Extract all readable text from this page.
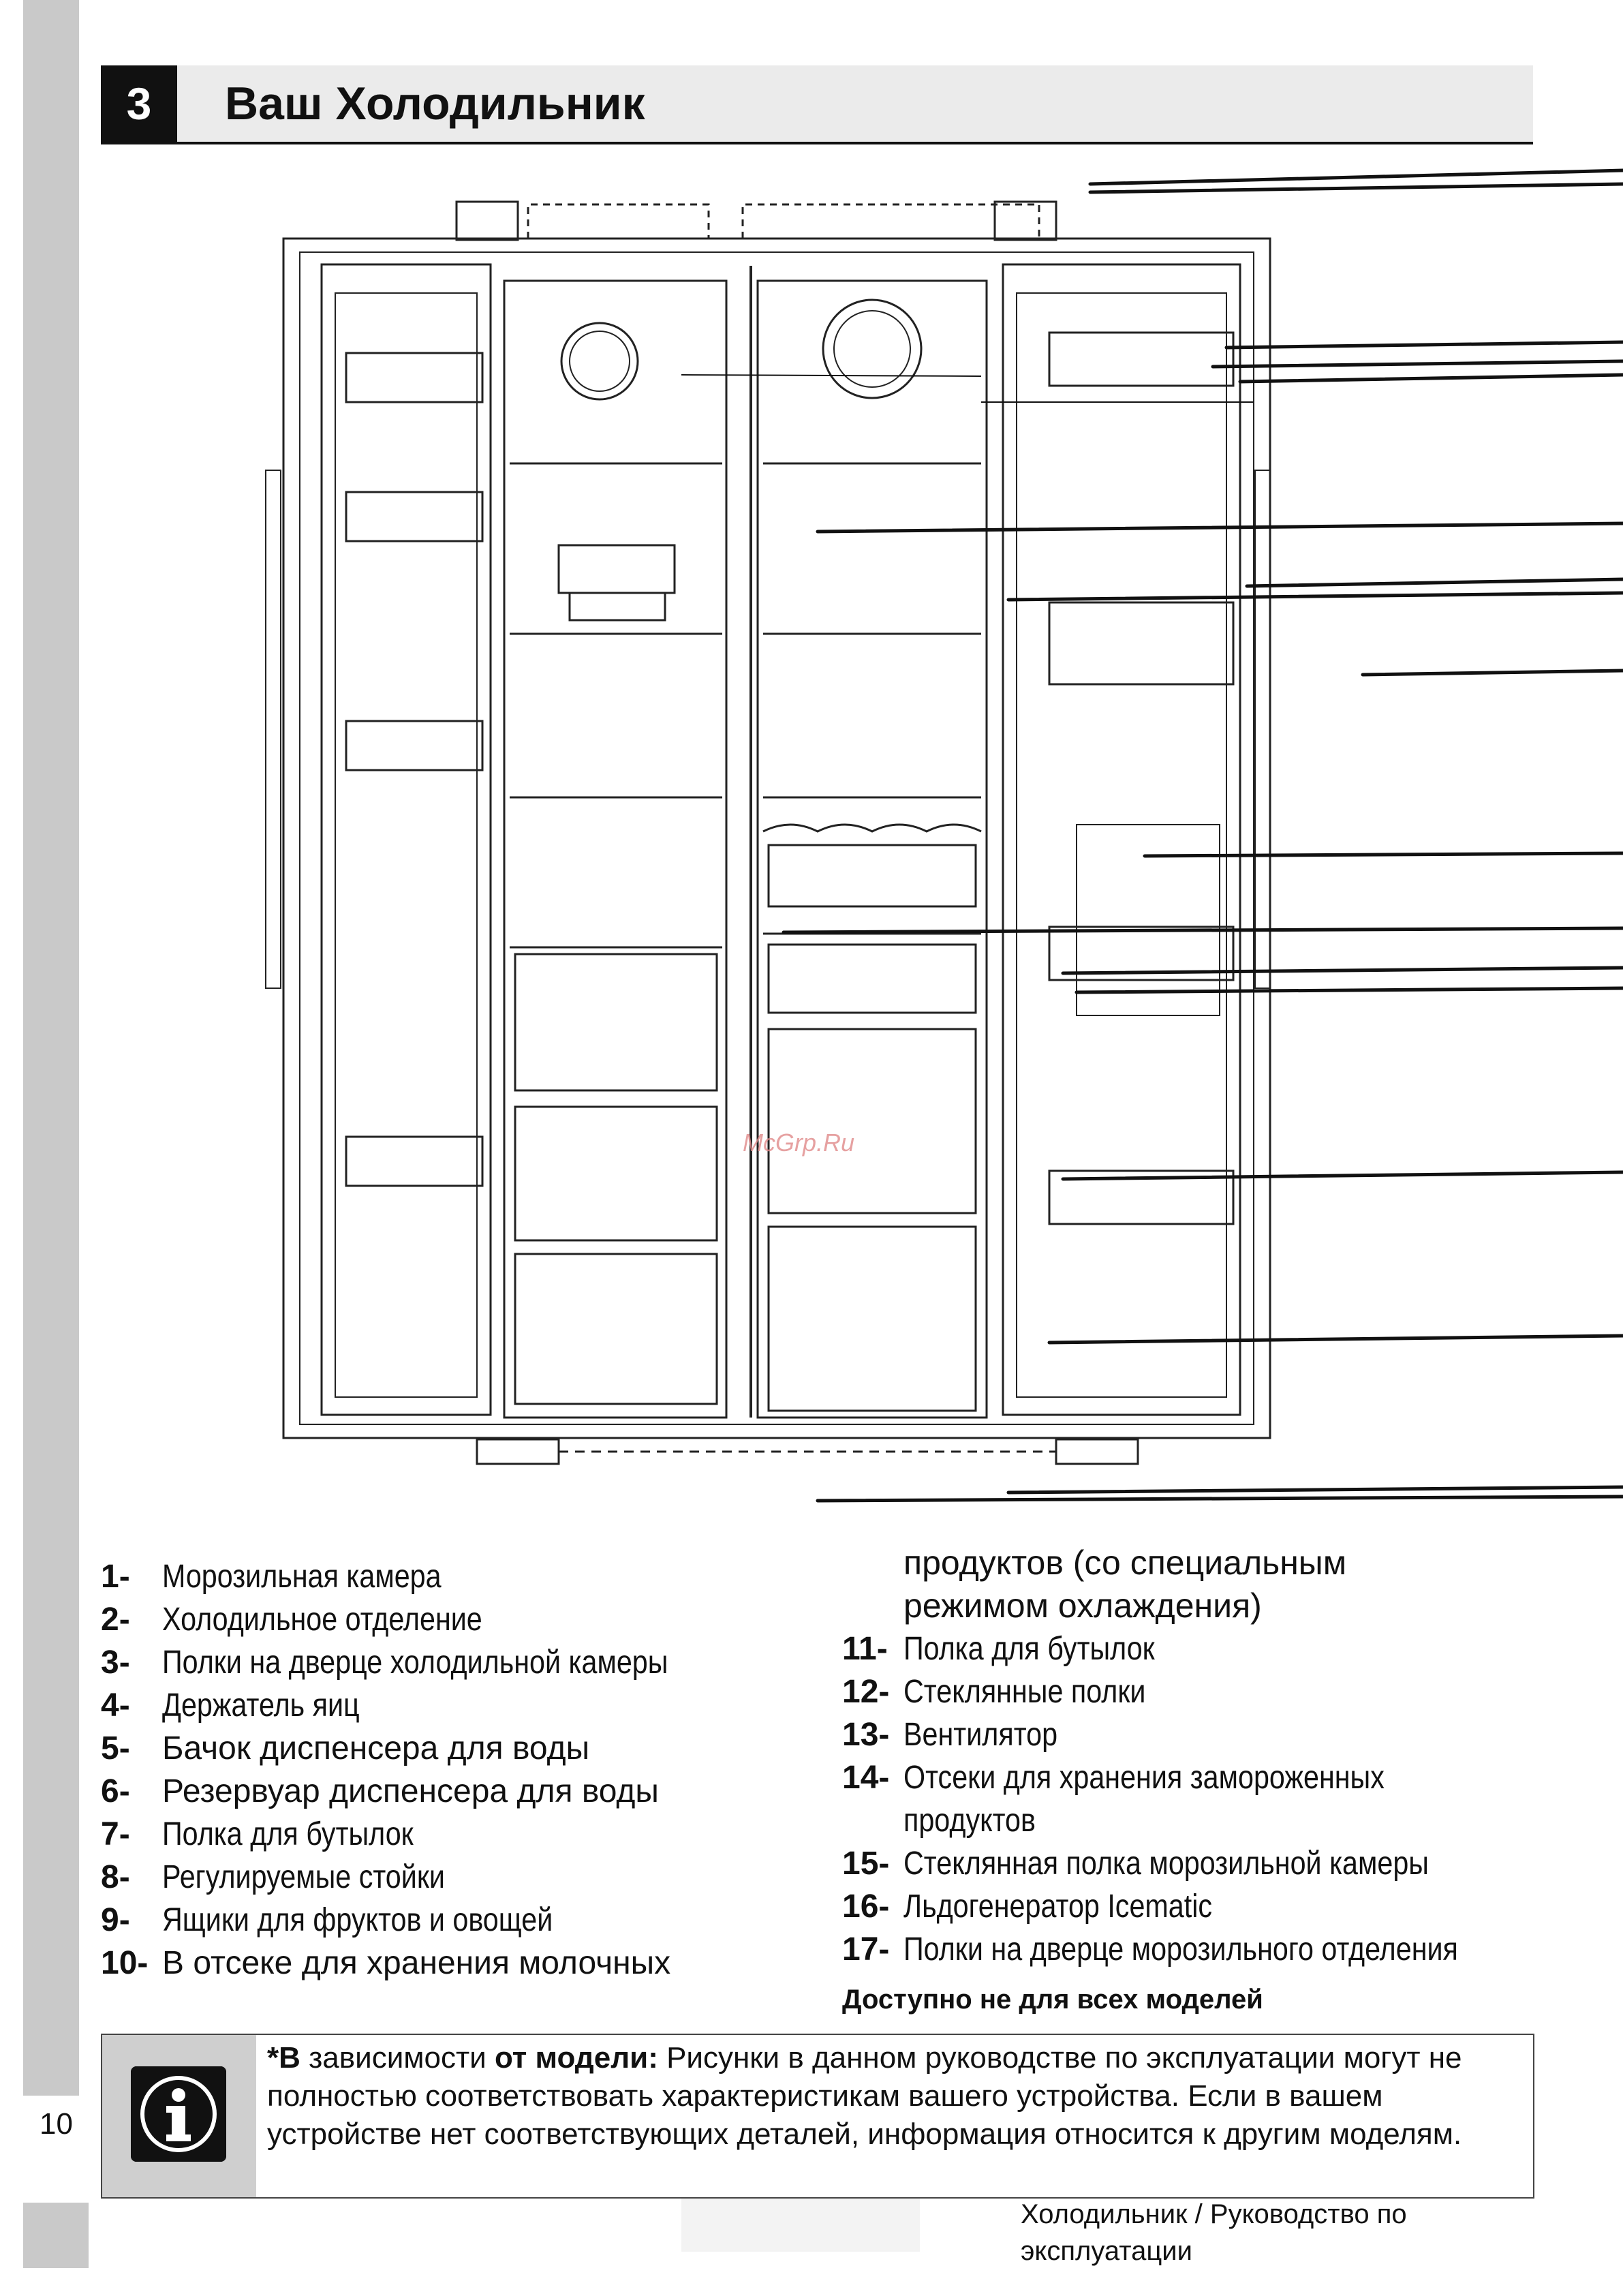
10
3	Ваш Холодильник
McGrp.Ru
1- Морозильная камера
2- Холодильное отделение
3- Полки на дверце холодильной камеры
4- Держатель яиц
5- Бачок диспенсера для воды
6- Резервуар диспенсера для воды
7- Полка для бутылок
8- Регулируемые стойки
9- Ящики для фруктов и овощей
10- В отсеке для хранения молочных
продуктов (со специальным
режимом охлаждения)
11- Полка для бутылок
12- Стеклянные полки
13- Вентилятор
14- Отсеки для хранения замороженных
продуктов
15- Стеклянная полка морозильной камеры
16- Льдогенератор Icematic
17- Полки на дверце морозильного отделения
Доступно не для всех моделей
*В зависимости от модели: Рисунки в данном руководстве по эксплуатации могут не полностью соответствовать характеристикам вашего устройства. Если в вашем устройстве нет соответствующих деталей, информация относится к другим моделям.
Холодильник / Руководство по эксплуатации
